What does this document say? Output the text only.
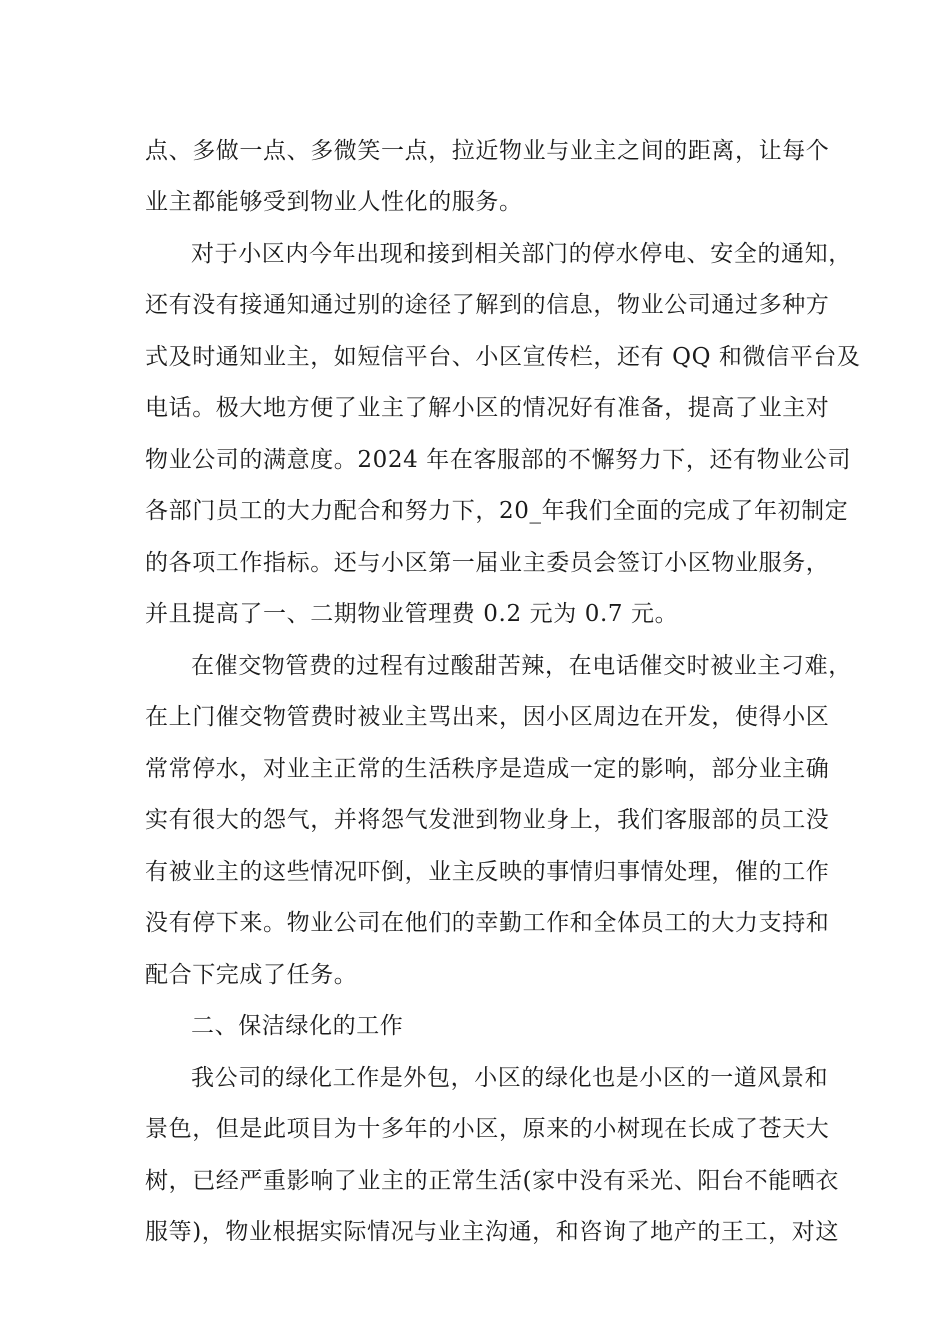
点、多做一点、多微笑一点，拉近物业与业主之间的距离，让每个
业主都能够受到物业人性化的服务。
对于小区内今年出现和接到相关部门的停水停电、安全的通知，
还有没有接通知通过别的途径了解到的信息，物业公司通过多种方
式及时通知业主，如短信平台、小区宣传栏，还有 QQ 和微信平台及
电话。极大地方便了业主了解小区的情况好有准备，提高了业主对
物业公司的满意度。2024 年在客服部的不懈努力下，还有物业公司
各部门员工的大力配合和努力下，20_年我们全面的完成了年初制定
的各项工作指标。还与小区第一届业主委员会签订小区物业服务，
并且提高了一、二期物业管理费 0.2 元为 0.7 元。
在催交物管费的过程有过酸甜苦辣，在电话催交时被业主刁难，
在上门催交物管费时被业主骂出来，因小区周边在开发，使得小区
常常停水，对业主正常的生活秩序是造成一定的影响，部分业主确
实有很大的怨气，并将怨气发泄到物业身上，我们客服部的员工没
有被业主的这些情况吓倒，业主反映的事情归事情处理，催的工作
没有停下来。物业公司在他们的幸勤工作和全体员工的大力支持和
配合下完成了任务。
二、保洁绿化的工作
我公司的绿化工作是外包，小区的绿化也是小区的一道风景和
景色，但是此项目为十多年的小区，原来的小树现在长成了苍天大
树，已经严重影响了业主的正常生活(家中没有采光、阳台不能晒衣
服等)，物业根据实际情况与业主沟通，和咨询了地产的王工，对这
